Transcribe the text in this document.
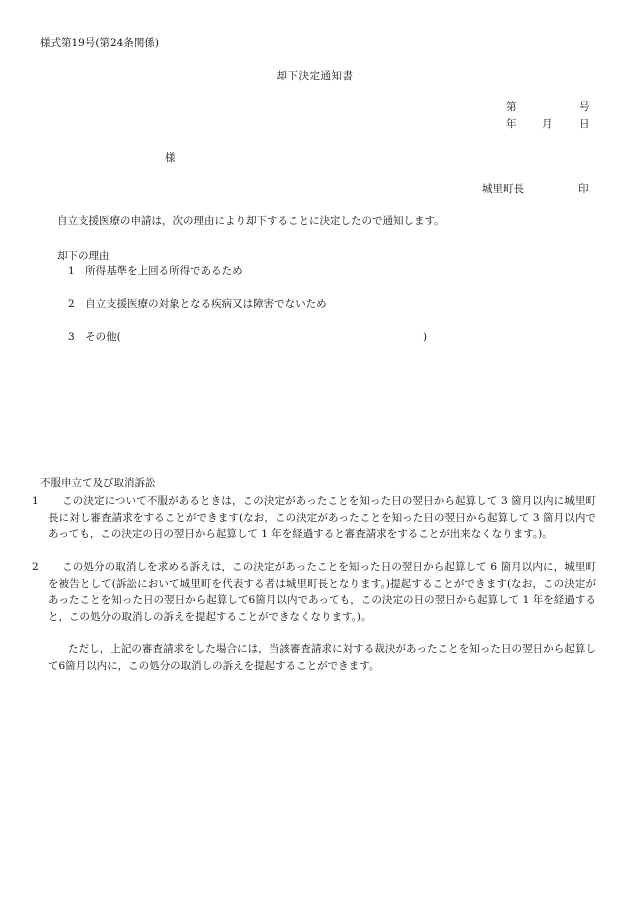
様式第19号(第24条関係)
却下決定通知書
第	号
年 月	日
様
城里町長	印
自立支援医療の申請は，次の理由により却下することに決定したので通知します。
却下の理由
1　所得基準を上回る所得であるため
2　自立支援医療の対象となる疾病又は障害でないため
3　その他(	)
不服申立て及び取消訴訟
1 この決定について不服があるときは，この決定があったことを知った日の翌日から起算して 3 箇月以内に城里町長に対し審査請求をすることができます(なお，この決定があったことを知った日の翌日から起算して 3 箇月以内であっても，この決定の日の翌日から起算して 1 年を経過すると審査請求をすることが出来なくなります。)。
2 この処分の取消しを求める訴えは，この決定があったことを知った日の翌日から起算して 6 箇月以内に，城里町を被告として(訴訟において城里町を代表する者は城里町長となります。)提起することができます(なお，この決定があったことを知った日の翌日から起算して6箇月以内であっても，この決定の日の翌日から起算して 1 年を経過すると，この処分の取消しの訴えを提起することができなくなります。)。
ただし，上記の審査請求をした場合には，当該審査請求に対する裁決があったことを知った日の翌日から起算して6箇月以内に，この処分の取消しの訴えを提起することができます。
